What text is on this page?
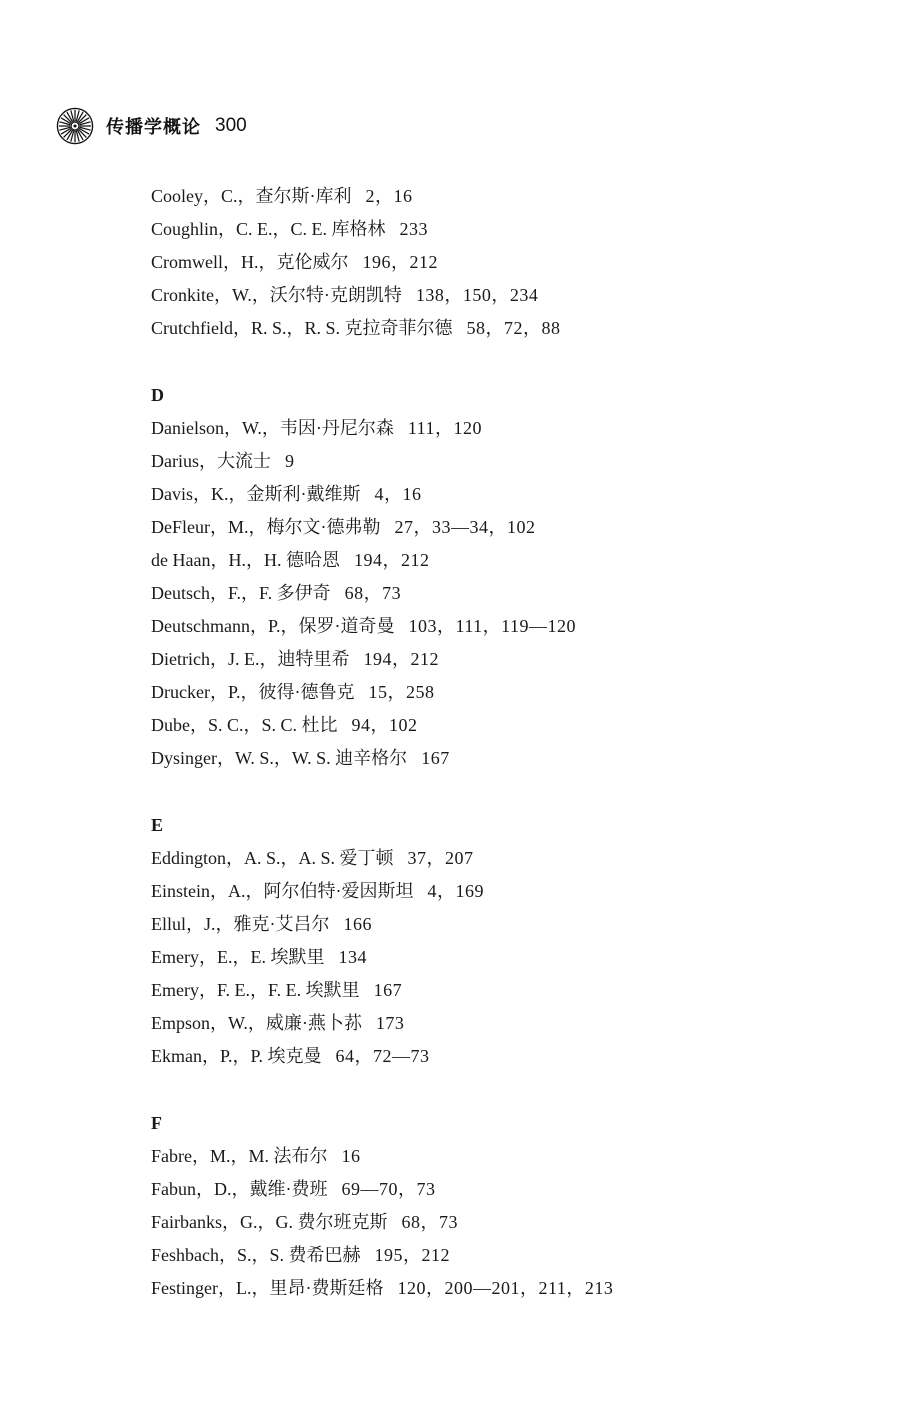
传播学概论 300
Cooley，C.，查尔斯·库利 2，16
Coughlin，C. E.，C. E. 库格林 233
Cromwell，H.，克伦威尔 196，212
Cronkite，W.，沃尔特·克朗凯特 138，150，234
Crutchfield，R. S.，R. S. 克拉奇菲尔德 58，72，88
D
Danielson，W.，韦因·丹尼尔森 111，120
Darius，大流士 9
Davis，K.，金斯利·戴维斯 4，16
DeFleur，M.，梅尔文·德弗勒 27，33—34，102
de Haan，H.，H. 德哈恩 194，212
Deutsch，F.，F. 多伊奇 68，73
Deutschmann，P.，保罗·道奇曼 103，111，119—120
Dietrich，J. E.，迪特里希 194，212
Drucker，P.，彼得·德鲁克 15，258
Dube，S. C.，S. C. 杜比 94，102
Dysinger，W. S.，W. S. 迪辛格尔 167
E
Eddington，A. S.，A. S. 爱丁顿 37，207
Einstein，A.，阿尔伯特·爱因斯坦 4，169
Ellul，J.，雅克·艾吕尔 166
Emery，E.，E. 埃默里 134
Emery，F. E.，F. E. 埃默里 167
Empson，W.，威廉·燕卜荪 173
Ekman，P.，P. 埃克曼 64，72—73
F
Fabre，M.，M. 法布尔 16
Fabun，D.，戴维·费班 69—70，73
Fairbanks，G.，G. 费尔班克斯 68，73
Feshbach，S.，S. 费希巴赫 195，212
Festinger，L.，里昂·费斯廷格 120，200—201，211，213
